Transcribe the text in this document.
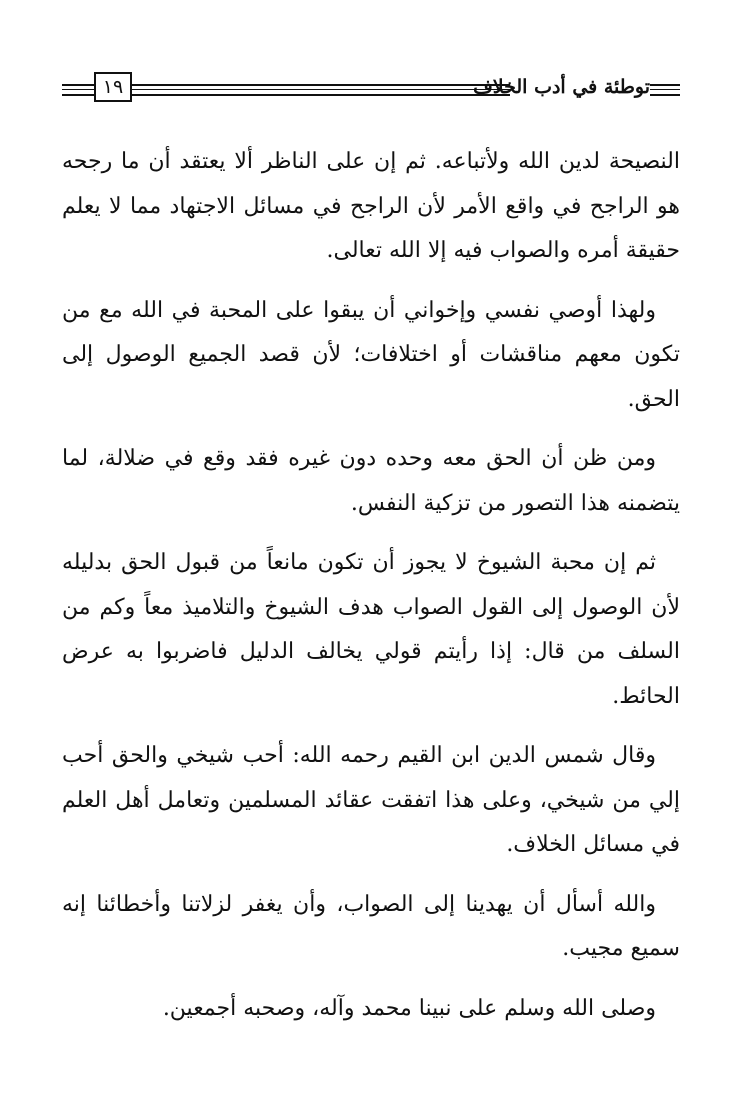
١٩	توطئة في أدب الخلاف

النصيحة لدين الله ولأتباعه. ثم إن على الناظر ألا يعتقد أن ما رجحه هو الراجح في واقع الأمر لأن الراجح في مسائل الاجتهاد مما لا يعلم حقيقة أمره والصواب فيه إلا الله تعالى.

ولهذا أوصي نفسي وإخواني أن يبقوا على المحبة في الله مع من تكون معهم مناقشات أو اختلافات؛ لأن قصد الجميع الوصول إلى الحق.

ومن ظن أن الحق معه وحده دون غيره فقد وقع في ضلالة، لما يتضمنه هذا التصور من تزكية النفس.

ثم إن محبة الشيوخ لا يجوز أن تكون مانعاً من قبول الحق بدليله لأن الوصول إلى القول الصواب هدف الشيوخ والتلاميذ معاً وكم من السلف من قال: إذا رأيتم قولي يخالف الدليل فاضربوا به عرض الحائط.

وقال شمس الدين ابن القيم رحمه الله: أحب شيخي والحق أحب إلي من شيخي، وعلى هذا اتفقت عقائد المسلمين وتعامل أهل العلم في مسائل الخلاف.

والله أسأل أن يهدينا إلى الصواب، وأن يغفر لزلاتنا وأخطائنا إنه سميع مجيب.

وصلى الله وسلم على نبينا محمد وآله، وصحبه أجمعين.
